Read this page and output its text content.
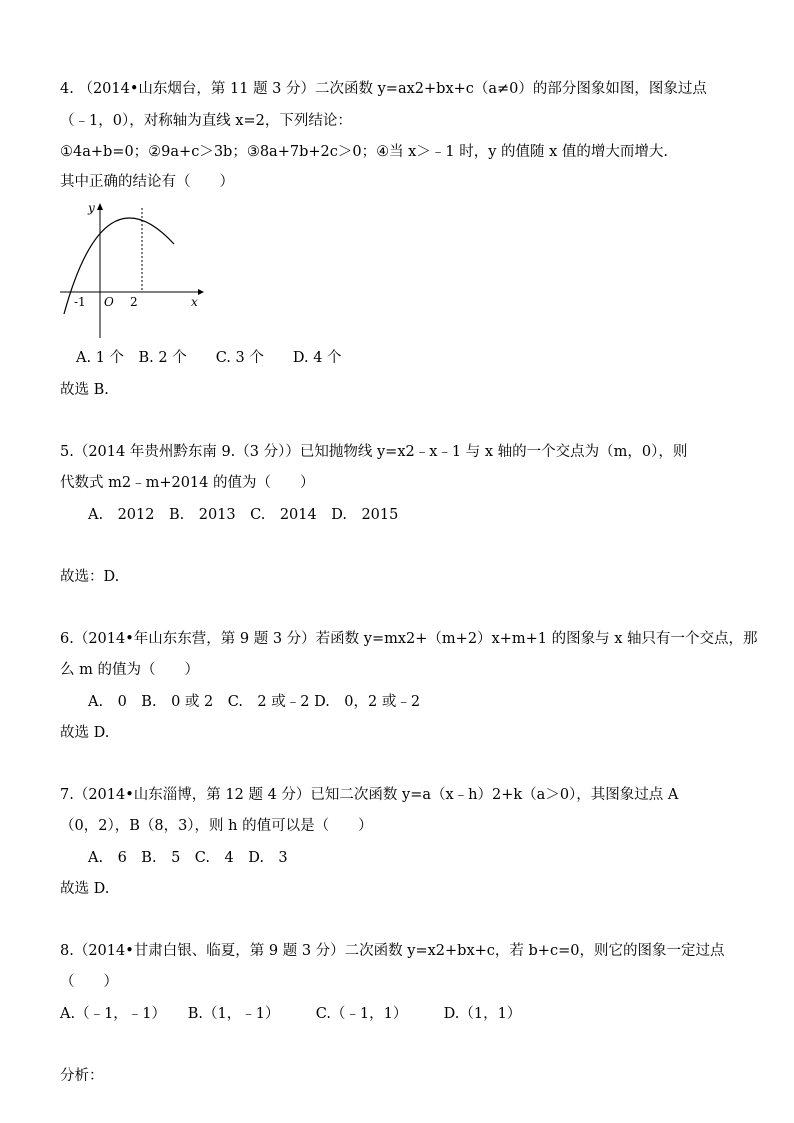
4. （2014•山东烟台，第 11 题 3 分）二次函数 y=ax2+bx+c（a≠0）的部分图象如图，图象过点
（﹣1，0），对称轴为直线 x=2，下列结论：
①4a+b=0；②9a+c＞3b；③8a+7b+2c＞0；④当 x＞﹣1 时，y 的值随 x 值的增大而增大.
其中正确的结论有（　　）
y
x
O
-1	2
A. 1 个　B. 2 个　　C. 3 个　　D. 4 个
故选 B.
5.（2014 年贵州黔东南 9.（3 分））已知抛物线 y=x2﹣x﹣1 与 x 轴的一个交点为（m，0），则
代数式 m2﹣m+2014 的值为（　　）
A.　2012　B.　2013　C.　2014　D.　2015
故选：D.
6.（2014•年山东东营，第 9 题 3 分）若函数 y=mx2+（m+2）x+m+1 的图象与 x 轴只有一个交点，那
么 m 的值为（　　）
A.　0　B.　0 或 2　C.　2 或﹣2 D.　0，2 或﹣2
故选 D.
7.（2014•山东淄博，第 12 题 4 分）已知二次函数 y=a（x﹣h）2+k（a＞0），其图象过点 A
（0，2），B（8，3），则 h 的值可以是（　　）
A.　6　B.　5　C.　4　D.　3
故选 D.
8.（2014•甘肃白银、临夏，第 9 题 3 分）二次函数 y=x2+bx+c，若 b+c=0，则它的图象一定过点
（　　）
A.（﹣1，﹣1）　　B.（1，﹣1）　　　C.（﹣1，1）　　　D.（1，1）
分析：
